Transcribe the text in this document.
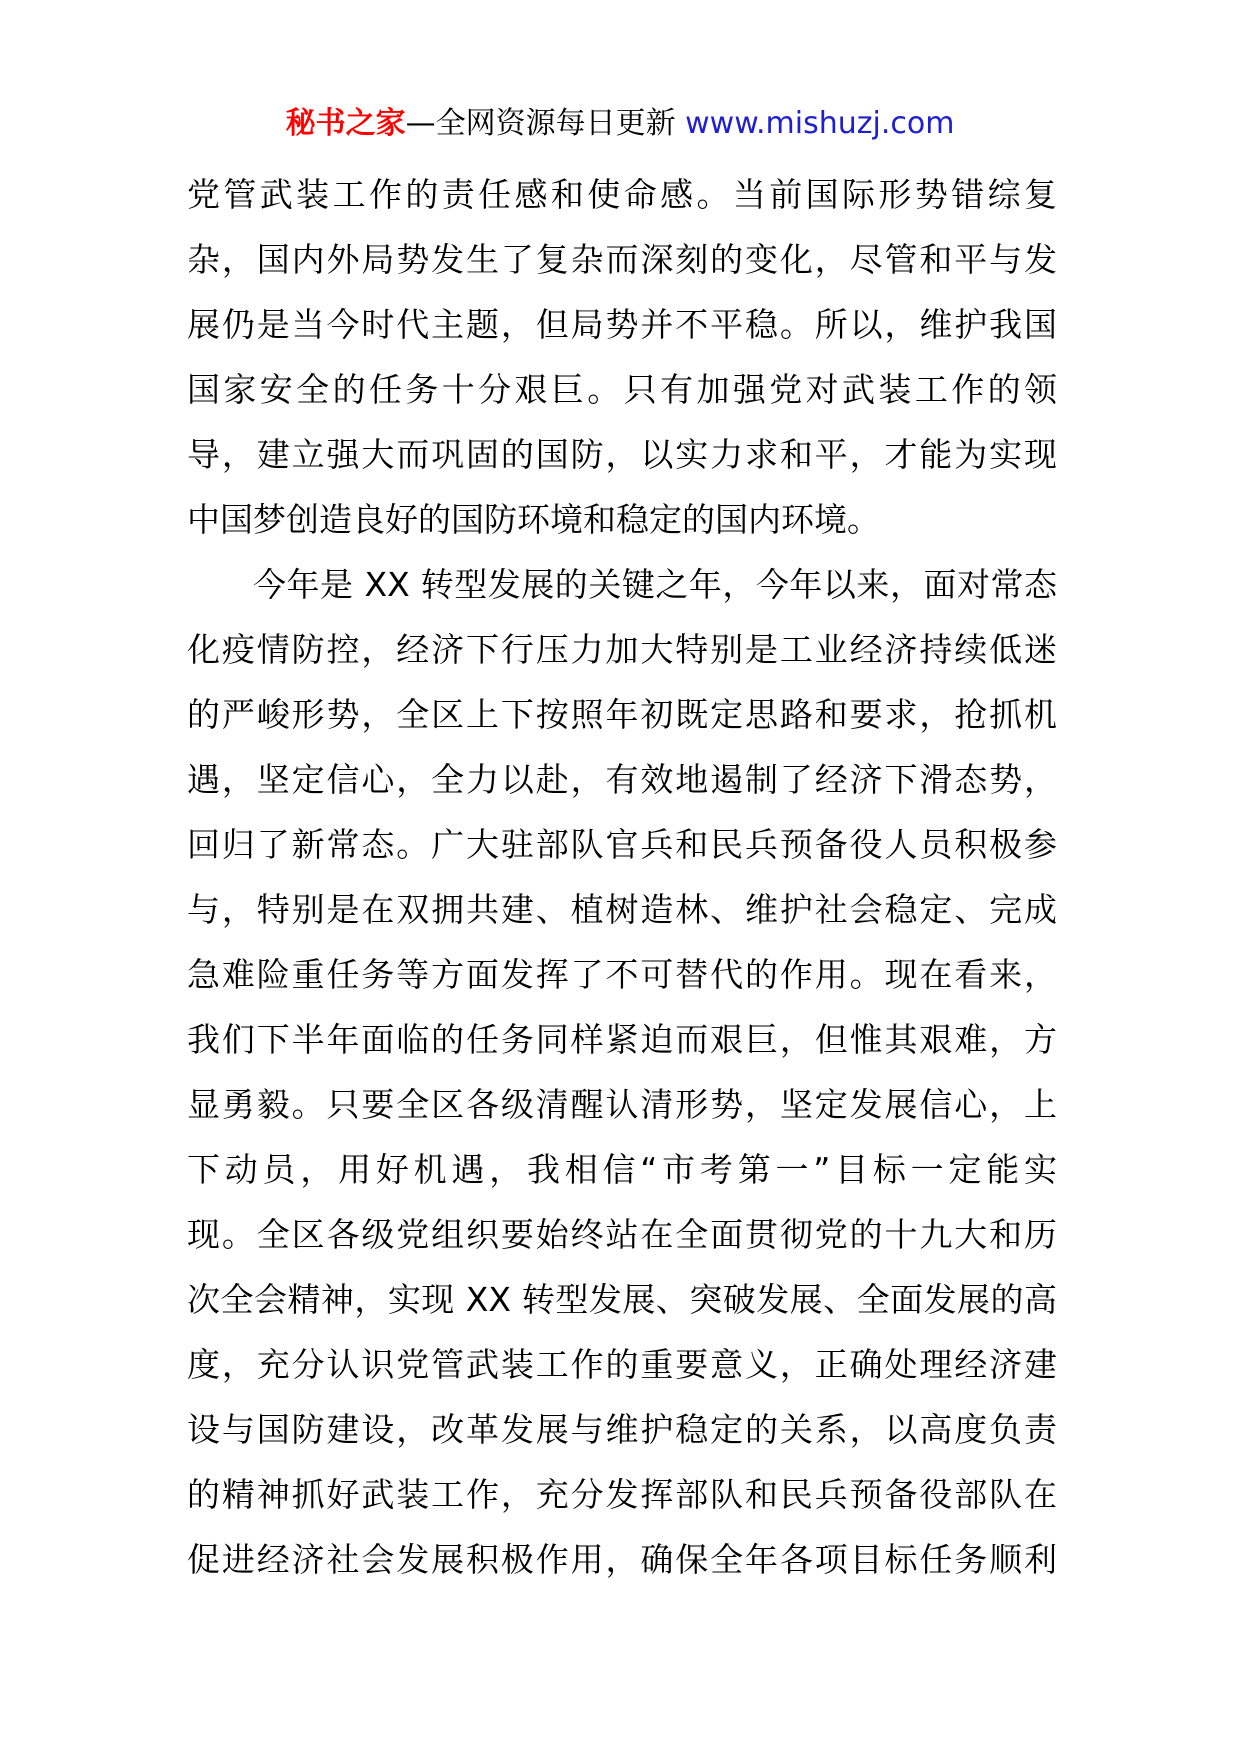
秘书之家—全网资源每日更新 www.mishuzj.com
党管武装工作的责任感和使命感。当前国际形势错综复
杂，国内外局势发生了复杂而深刻的变化，尽管和平与发
展仍是当今时代主题，但局势并不平稳。所以，维护我国
国家安全的任务十分艰巨。只有加强党对武装工作的领
导，建立强大而巩固的国防，以实力求和平，才能为实现
中国梦创造良好的国防环境和稳定的国内环境。
今年是 XX 转型发展的关键之年，今年以来，面对常态
化疫情防控，经济下行压力加大特别是工业经济持续低迷
的严峻形势，全区上下按照年初既定思路和要求，抢抓机
遇，坚定信心，全力以赴，有效地遏制了经济下滑态势，
回归了新常态。广大驻部队官兵和民兵预备役人员积极参
与，特别是在双拥共建、植树造林、维护社会稳定、完成
急难险重任务等方面发挥了不可替代的作用。现在看来，
我们下半年面临的任务同样紧迫而艰巨，但惟其艰难，方
显勇毅。只要全区各级清醒认清形势，坚定发展信心，上
下动员，用好机遇，我相信“市考第一”目标一定能实
现。全区各级党组织要始终站在全面贯彻党的十九大和历
次全会精神，实现 XX 转型发展、突破发展、全面发展的高
度，充分认识党管武装工作的重要意义，正确处理经济建
设与国防建设，改革发展与维护稳定的关系，以高度负责
的精神抓好武装工作，充分发挥部队和民兵预备役部队在
促进经济社会发展积极作用，确保全年各项目标任务顺利
